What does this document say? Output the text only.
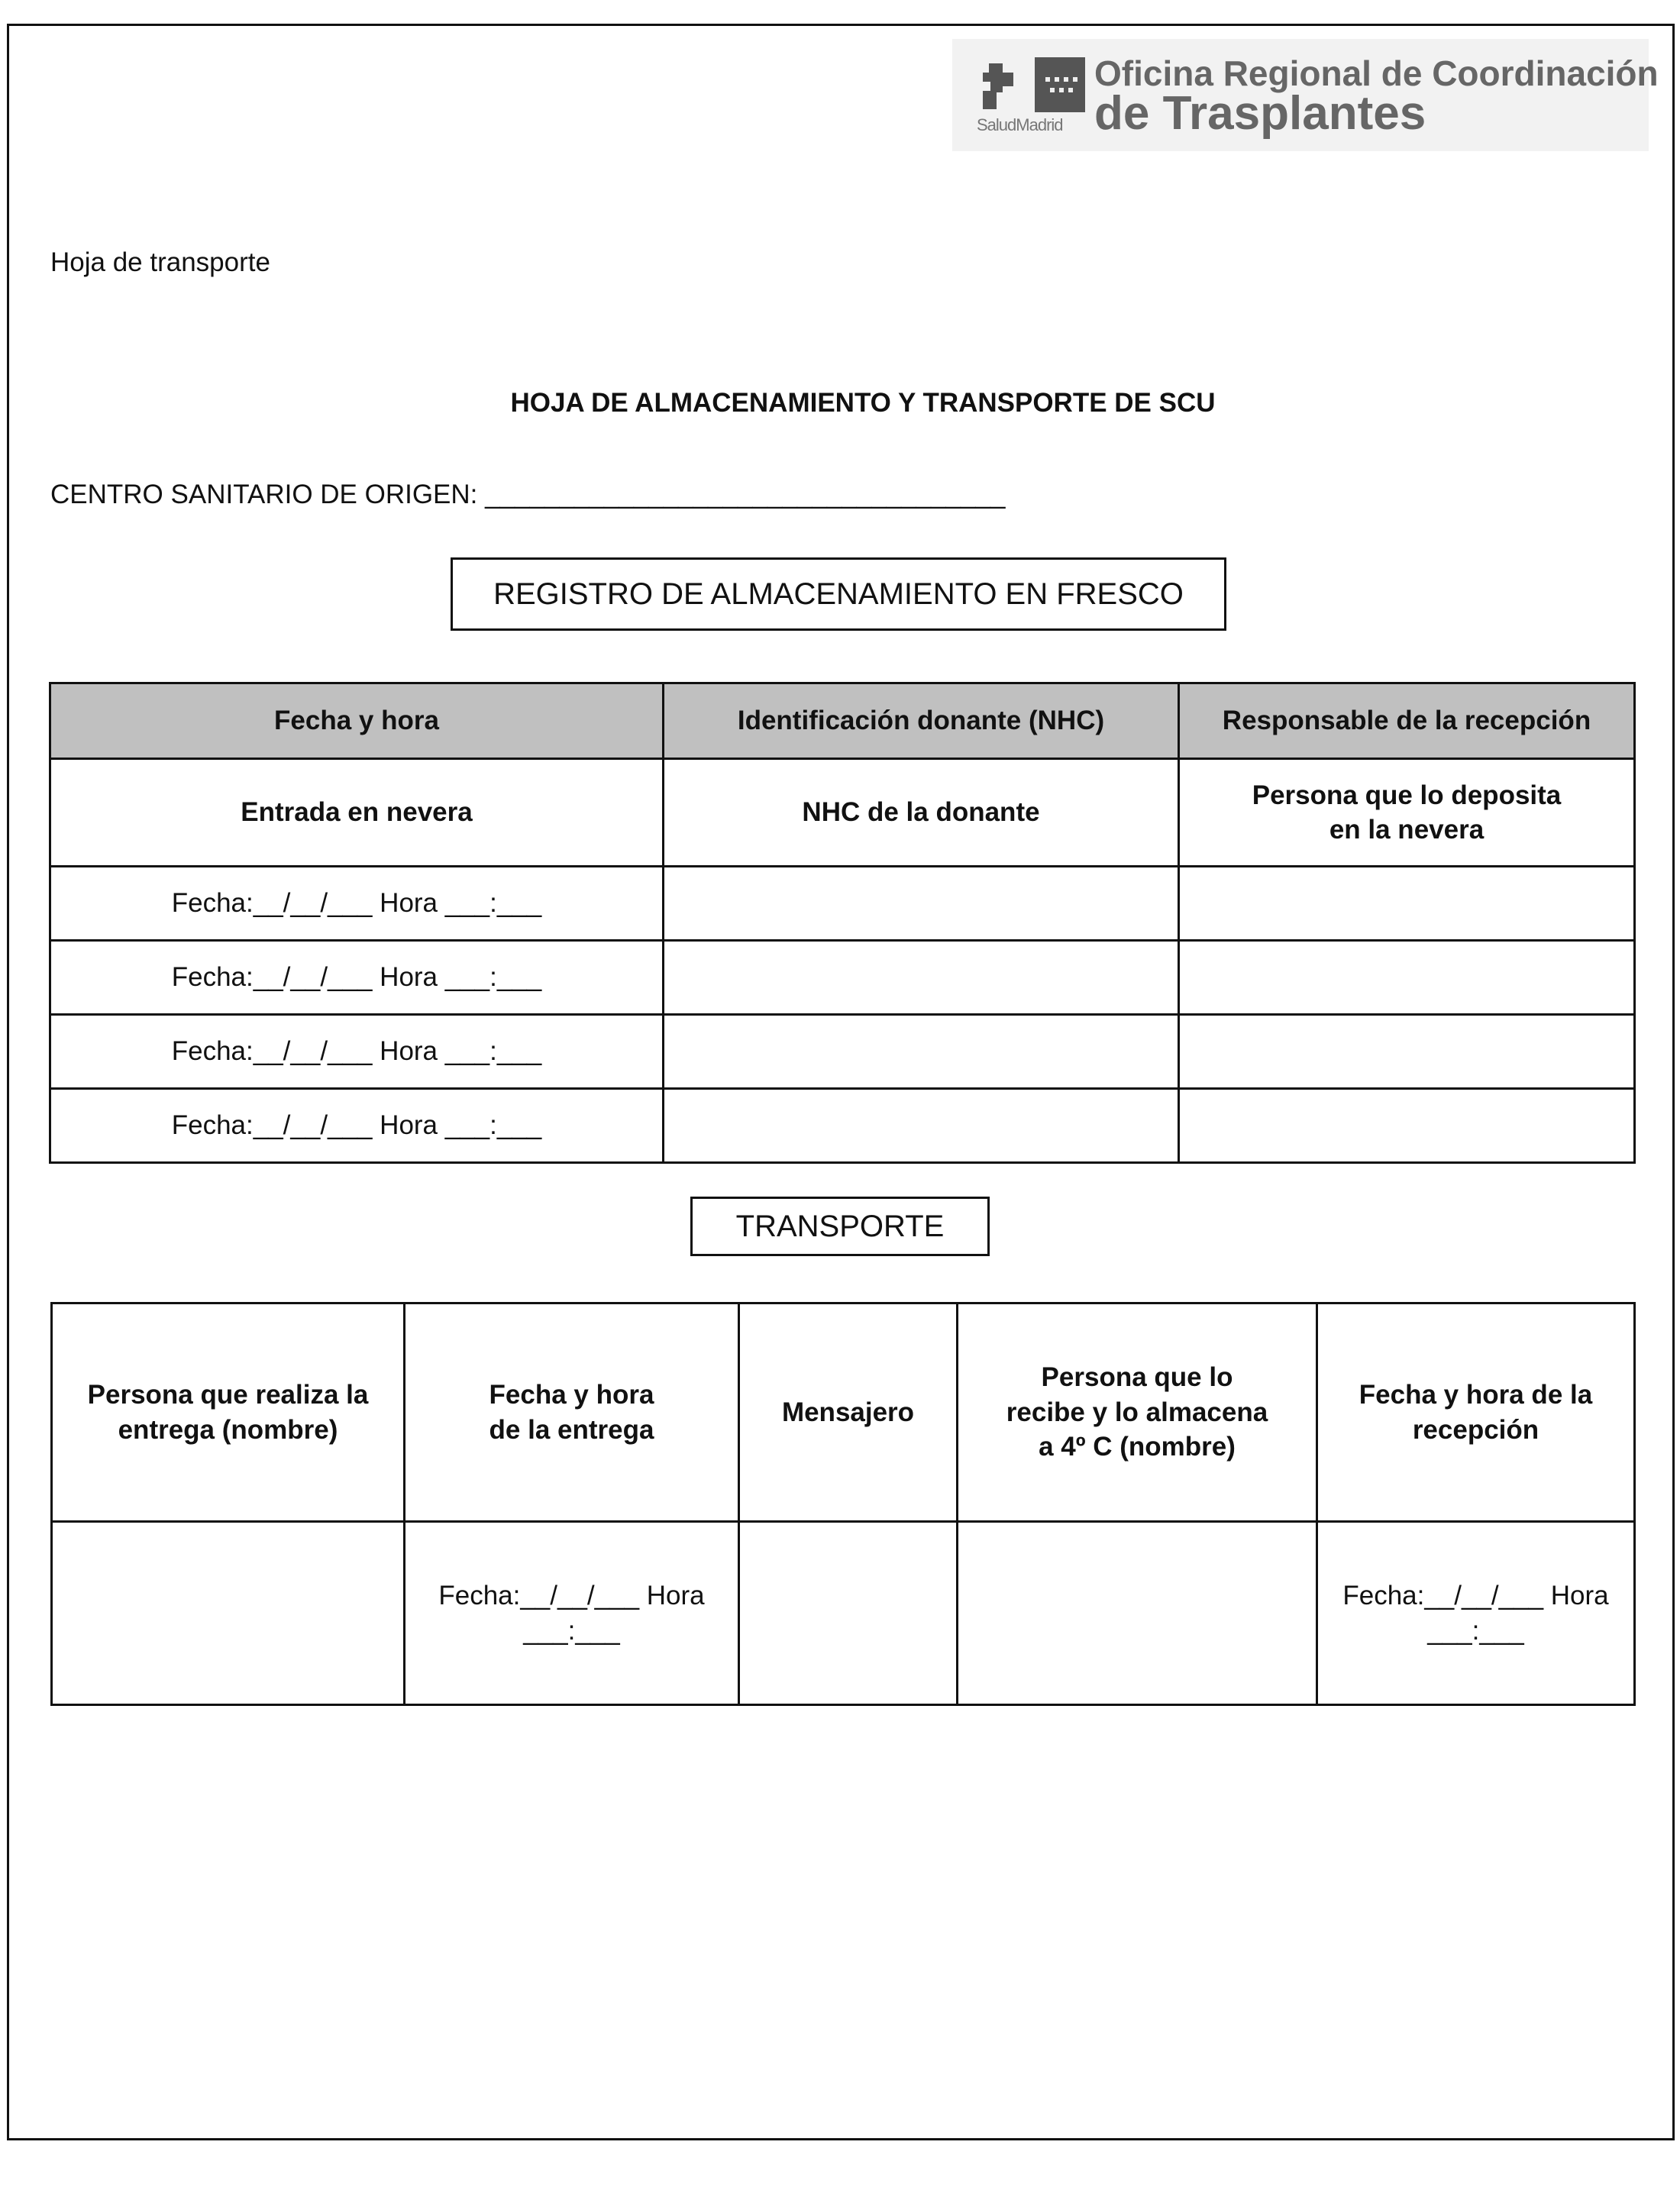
SaludMadrid
Oficina Regional de Coordinación
de Trasplantes
Hoja de transporte
HOJA DE ALMACENAMIENTO Y TRANSPORTE DE SCU
CENTRO SANITARIO DE ORIGEN: ___________________________________
REGISTRO DE ALMACENAMIENTO EN FRESCO
Fecha y hora	Identificación donante (NHC)	Responsable de la recepción
Entrada en nevera	NHC de la donante	Persona que lo deposita en la nevera
Fecha:__/__/___ Hora ___:___		
Fecha:__/__/___ Hora ___:___		
Fecha:__/__/___ Hora ___:___		
Fecha:__/__/___ Hora ___:___		
TRANSPORTE
Persona que realiza la entrega (nombre)	Fecha y hora de la entrega	Mensajero	Persona que lo recibe y lo almacena a 4º C (nombre)	Fecha y hora de la recepción
	Fecha:__/__/___ Hora ___:___			Fecha:__/__/___ Hora ___:___
